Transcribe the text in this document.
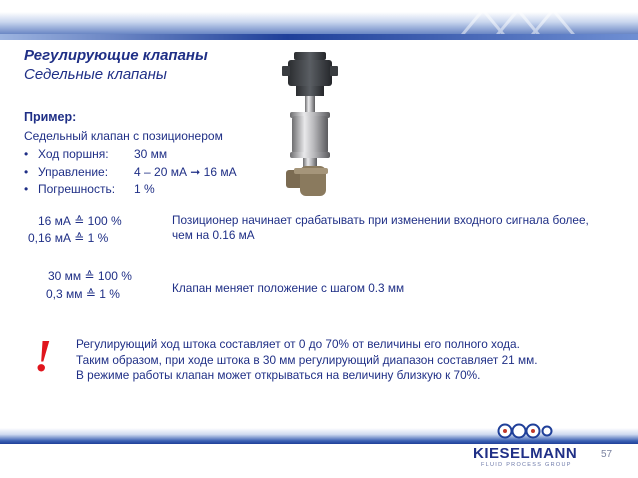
Регулирующие клапаны
Седельные клапаны
Пример:
Седельный клапан с позиционером
• Ход поршня: 30 мм
• Управление: 4 – 20 мА ➞ 16 мА
• Погрешность: 1 %
16 мА ≙ 100 %
0,16 мА ≙ 1 %
Позиционер начинает срабатывать при изменении входного сигнала более,
чем на 0.16 мА
30 мм ≙ 100 %
0,3 мм ≙ 1 %	Клапан меняет положение с шагом 0.3 мм
! Регулирующий ход штока составляет от 0 до 70% от величины его полного хода.
Таким образом, при ходе штока в 30 мм регулирующий диапазон составляет 21 мм.
В режиме работы клапан может открываться на величину близкую к 70%.
KIESELMANN
FLUID PROCESS GROUP
57
